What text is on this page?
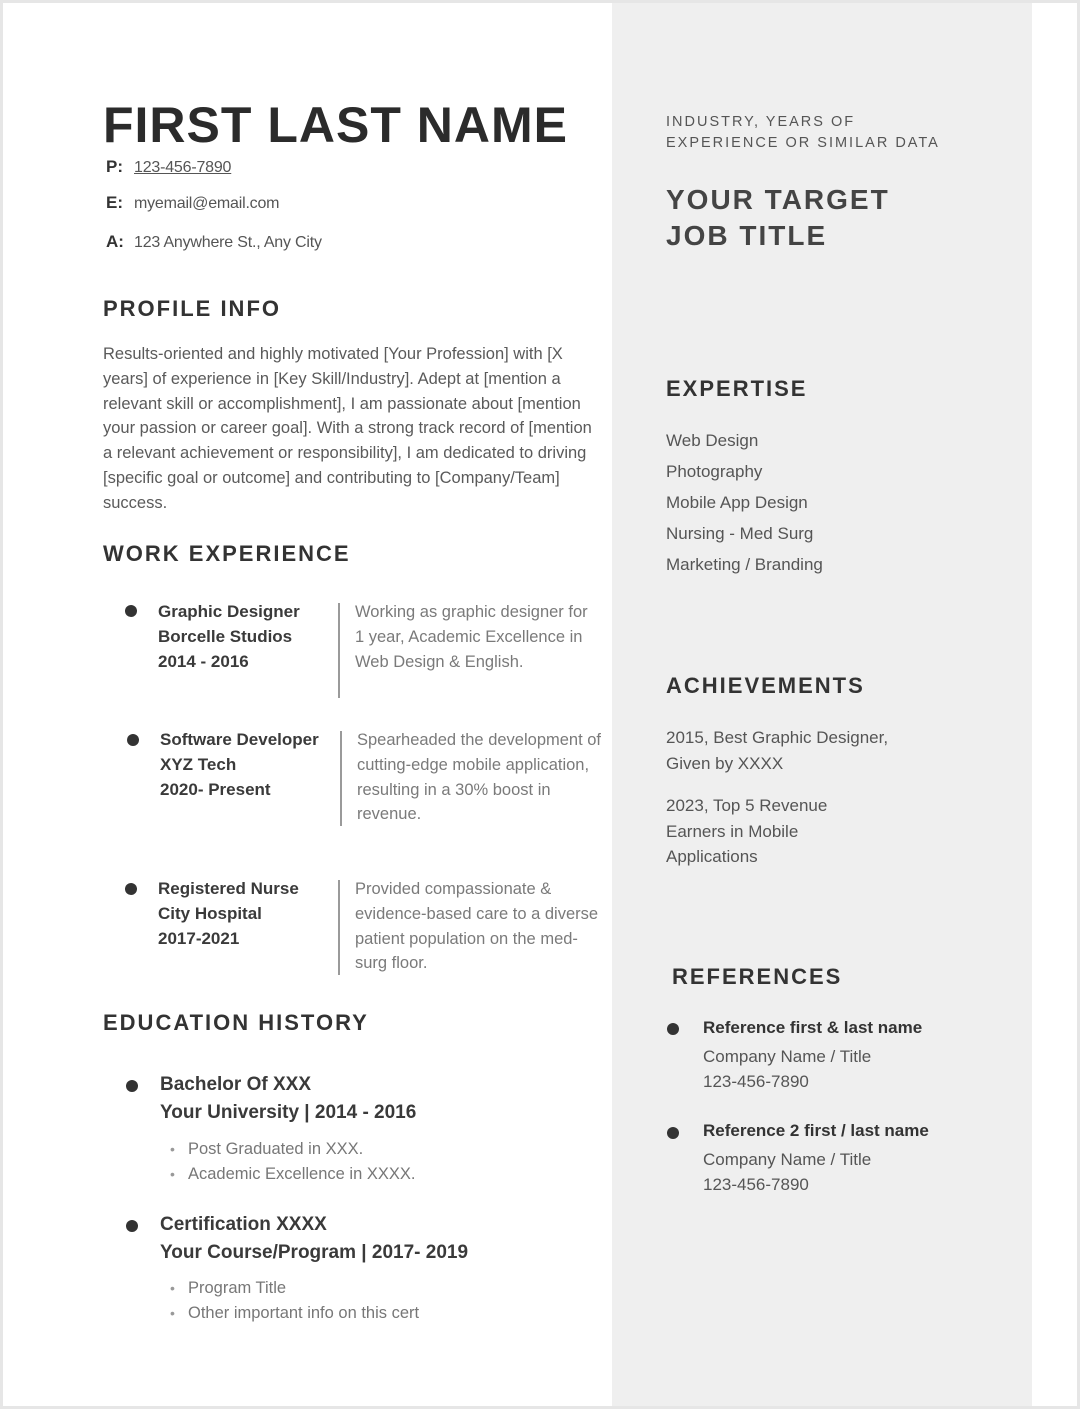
FIRST LAST NAME
P: 123-456-7890
E: myemail@email.com
A: 123 Anywhere St., Any City
PROFILE INFO

Results-oriented and highly motivated [Your Profession] with [X years] of experience in [Key Skill/Industry]. Adept at [mention a relevant skill or accomplishment], I am passionate about [mention your passion or career goal]. With a strong track record of [mention a relevant achievement or responsibility], I am dedicated to driving [specific goal or outcome] and contributing to [Company/Team] success.

WORK EXPERIENCE
Graphic Designer
Borcelle Studios
2014 - 2016

Working as graphic designer for 1 year, Academic Excellence in Web Design & English.

Software Developer
XYZ Tech
2020- Present

Spearheaded the development of cutting-edge mobile application, resulting in a 30% boost in revenue.

Registered Nurse
City Hospital
2017-2021

Provided compassionate & evidence-based care to a diverse patient population on the med-surg floor.

EDUCATION HISTORY
Bachelor Of XXX
Your University | 2014 - 2016
• Post Graduated in XXX.
• Academic Excellence in XXXX.
Certification XXXX
Your Course/Program | 2017- 2019
• Program Title
• Other important info on this cert
INDUSTRY, YEARS OF
EXPERIENCE OR SIMILAR DATA
YOUR TARGET
JOB TITLE
EXPERTISE
Web Design
Photography
Mobile App Design
Nursing - Med Surg
Marketing / Branding
ACHIEVEMENTS

2015, Best Graphic Designer, Given by XXXX

2023, Top 5 Revenue Earners in Mobile Applications

REFERENCES
Reference first & last name
Company Name / Title
123-456-7890
Reference 2 first / last name
Company Name / Title
123-456-7890
